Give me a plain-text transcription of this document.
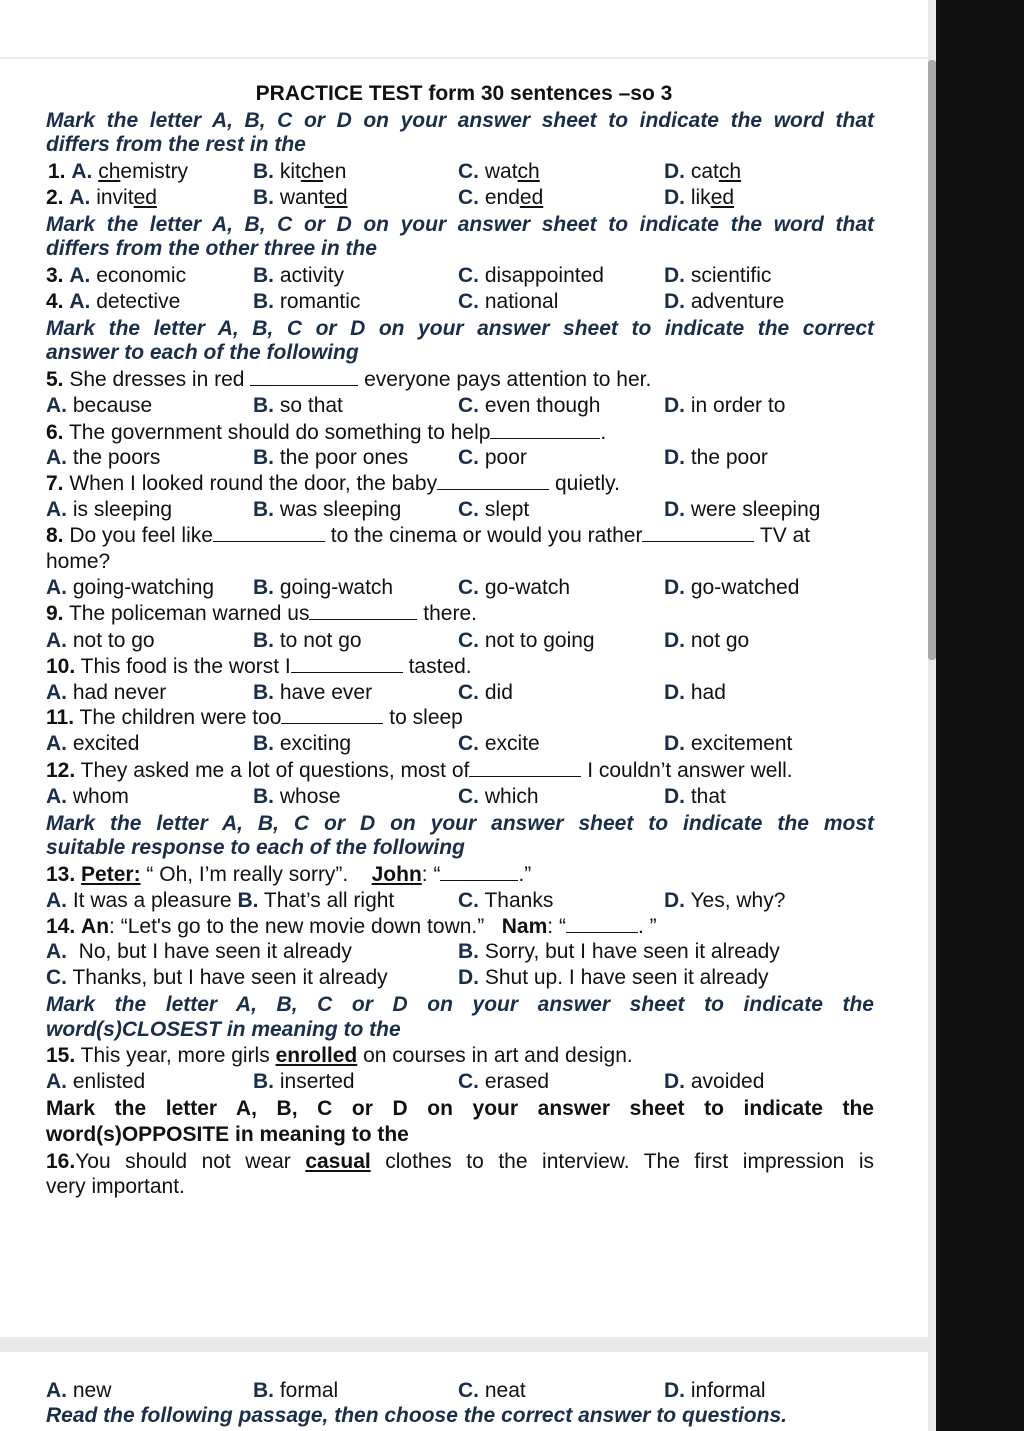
PRACTICE TEST form 30 sentences –so 3
Mark the letter A, B, C or D on your answer sheet to indicate the word that
differs from the rest in the
1. A. chemistry	B. kitchen	C. watch	D. catch
2. A. invited	B. wanted	C. ended	D. liked
Mark the letter A, B, C or D on your answer sheet to indicate the word that
differs from the other three in the
3. A. economic	B. activity	C. disappointed	D. scientific
4. A. detective	B. romantic	C. national	D. adventure
Mark the letter A, B, C or D on your answer sheet to indicate the correct
answer to each of the following
5. She dresses in red	everyone pays attention to her.
A. because	B. so that	C. even though	D. in order to
6. The government should do something to help	.
A. the poors	B. the poor ones C. poor	D. the poor
7. When I looked round the door, the baby	quietly.
A. is sleeping	B. was sleeping	C. slept	D. were sleeping
8. Do you feel like	to the cinema or would you rather	TV at
home?
A. going-watching B. going-watch	C. go-watch	D. go-watched
9. The policeman warned us	there.
A. not to go	B. to not go	C. not to going	D. not go
10. This food is the worst I	tasted.
A. had never	B. have ever	C. did	D. had
11. The children were too	to sleep
A. excited	B. exciting	C. excite	D. excitement
12. They asked me a lot of questions, most of	I couldn’t answer well.
A. whom	B. whose	C. which	D. that
Mark the letter A, B, C or D on your answer sheet to indicate the most
suitable response to each of the following
13. Peter: “ Oh, I’m really sorry”. John: “	.”
A. It was a pleasure B. That’s all right	C. Thanks	D. Yes, why?
14. An: “Let's go to the new movie down town.” Nam: “	. ”
A. No, but I have seen it already	B. Sorry, but I have seen it already
C. Thanks, but I have seen it already	D. Shut up. I have seen it already
Mark the letter A, B, C or D on your answer sheet to indicate the
word(s)CLOSEST in meaning to the
15. This year, more girls enrolled on courses in art and design.
A. enlisted	B. inserted	C. erased	D. avoided
Mark the letter A, B, C or D on your answer sheet to indicate the
word(s)OPPOSITE in meaning to the
16.You should not wear casual clothes to the interview. The first impression is
very important.
A. new	B. formal	C. neat	D. informal
Read the following passage, then choose the correct answer to questions.
